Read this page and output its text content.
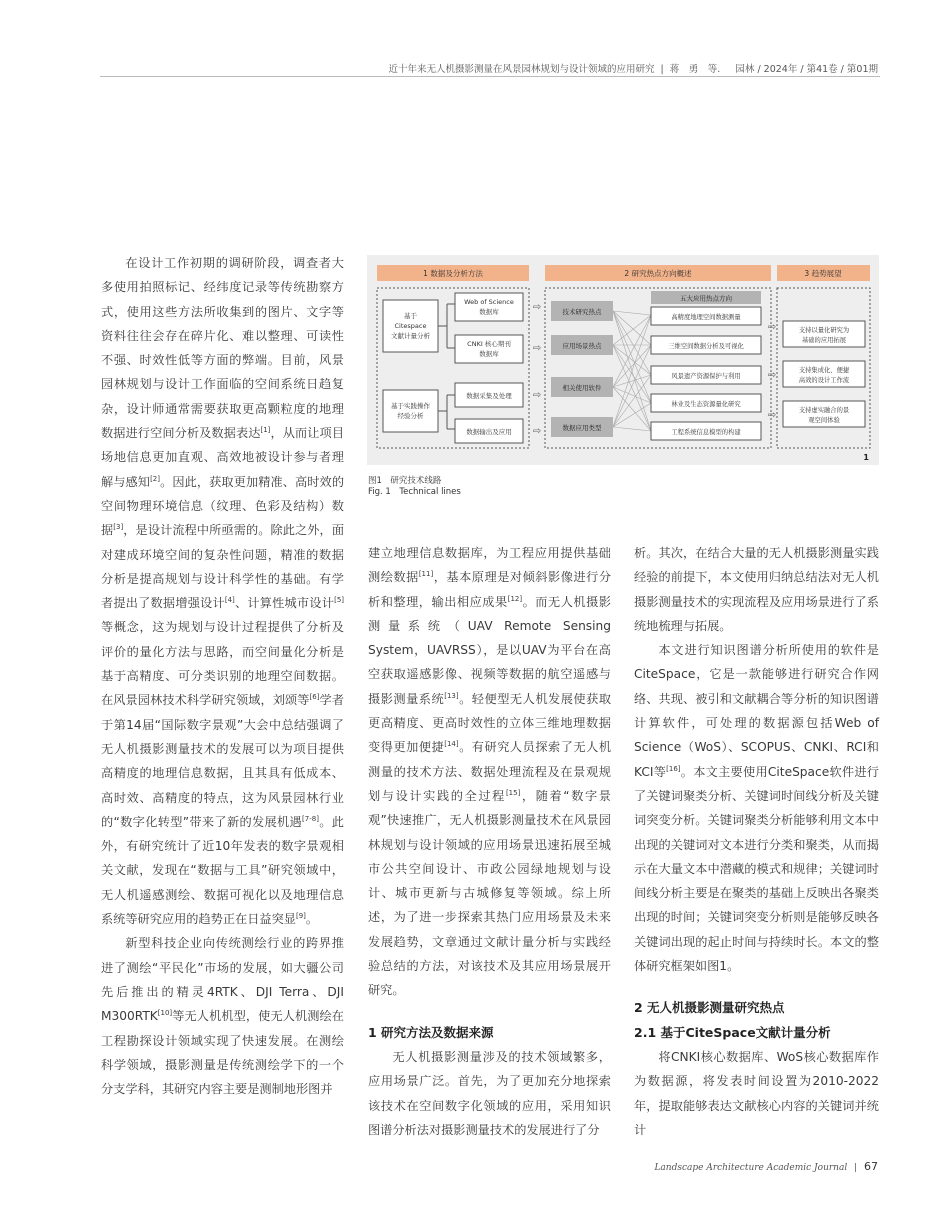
近十年来无人机摄影测量在风景园林规划与设计领域的应用研究  |  蒋　勇　等. 园林 / 2024年 / 第41卷 / 第01期

在设计工作初期的调研阶段，调查者大多使用拍照标记、经纬度记录等传统勘察方式，使用这些方法所收集到的图片、文字等资料往往会存在碎片化、难以整理、可读性不强、时效性低等方面的弊端。目前，风景园林规划与设计工作面临的空间系统日趋复杂，设计师通常需要获取更高颗粒度的地理数据进行空间分析及数据表达[1]，从而让项目场地信息更加直观、高效地被设计参与者理解与感知[2]。因此，获取更加精准、高时效的空间物理环境信息（纹理、色彩及结构）数据[3]，是设计流程中所亟需的。除此之外，面对建成环境空间的复杂性问题，精准的数据分析是提高规划与设计科学性的基础。有学者提出了数据增强设计[4]、计算性城市设计[5]等概念，这为规划与设计过程提供了分析及评价的量化方法与思路，而空间量化分析是基于高精度、可分类识别的地理空间数据。在风景园林技术科学研究领域，刘颂等[6]学者于第14届“国际数字景观”大会中总结强调了无人机摄影测量技术的发展可以为项目提供高精度的地理信息数据，且其具有低成本、高时效、高精度的特点，这为风景园林行业的“数字化转型”带来了新的发展机遇[7-8]。此外，有研究统计了近10年发表的数字景观相关文献，发现在“数据与工具”研究领域中，无人机遥感测绘、数据可视化以及地理信息系统等研究应用的趋势正在日益突显[9]。

新型科技企业向传统测绘行业的跨界推进了测绘“平民化”市场的发展，如大疆公司先后推出的精灵4RTK、DJI Terra、DJI M300RTK[10]等无人机机型，使无人机测绘在工程勘探设计领域实现了快速发展。在测绘科学领域，摄影测量是传统测绘学下的一个分支学科，其研究内容主要是测制地形图并

1 数据及分析方法	2 研究热点方向概述	3 趋势展望
基于
Citespace
文献计量分析
基于实践操作
经验分析
Web of Science
数据库
CNKI 核心期刊
数据库
数据采集及处理
数据输出及应用
⇨
⇨
⇨
⇨
技术研究热点
应用场景热点
相关使用软件
数据应用类型
五大应用热点方向
高精度地理空间数据测量
三维空间数据分析及可视化
风景遗产资源保护与利用
林业及生态资源量化研究
工程系统信息模型的构建
⇨
⇨
⇨
支持以量化研究为
基础的应用拓展
支持集成化、便捷
高效的设计工作流
支持虚实融合的景
观空间体验
1
图1　研究技术线路
Fig. 1　Technical lines

建立地理信息数据库，为工程应用提供基础测绘数据[11]，基本原理是对倾斜影像进行分析和整理，输出相应成果[12]。而无人机摄影测量系统（UAV Remote Sensing System，UAVRSS），是以UAV为平台在高空获取遥感影像、视频等数据的航空遥感与摄影测量系统[13]。轻便型无人机发展使获取更高精度、更高时效性的立体三维地理数据变得更加便捷[14]。有研究人员探索了无人机测量的技术方法、数据处理流程及在景观规划与设计实践的全过程[15]，随着“数字景观”快速推广，无人机摄影测量技术在风景园林规划与设计领域的应用场景迅速拓展至城市公共空间设计、市政公园绿地规划与设计、城市更新与古城修复等领域。综上所述，为了进一步探索其热门应用场景及未来发展趋势，文章通过文献计量分析与实践经验总结的方法，对该技术及其应用场景展开研究。

1 研究方法及数据来源

无人机摄影测量涉及的技术领域繁多，应用场景广泛。首先，为了更加充分地探索该技术在空间数字化领域的应用，采用知识图谱分析法对摄影测量技术的发展进行了分

析。其次，在结合大量的无人机摄影测量实践经验的前提下，本文使用归纳总结法对无人机摄影测量技术的实现流程及应用场景进行了系统地梳理与拓展。

本文进行知识图谱分析所使用的软件是CiteSpace，它是一款能够进行研究合作网络、共现、被引和文献耦合等分析的知识图谱计算软件，可处理的数据源包括Web of Science（WoS）、SCOPUS、CNKI、RCI和KCI等[16]。本文主要使用CiteSpace软件进行了关键词聚类分析、关键词时间线分析及关键词突变分析。关键词聚类分析能够利用文本中出现的关键词对文本进行分类和聚类，从而揭示在大量文本中潜藏的模式和规律；关键词时间线分析主要是在聚类的基础上反映出各聚类出现的时间；关键词突变分析则是能够反映各关键词出现的起止时间与持续时长。本文的整体研究框架如图1。

2 无人机摄影测量研究热点

2.1 基于CiteSpace文献计量分析

将CNKI核心数据库、WoS核心数据库作为数据源，将发表时间设置为2010-2022年，提取能够表达文献核心内容的关键词并统计

Landscape Architecture Academic Journal | 67
